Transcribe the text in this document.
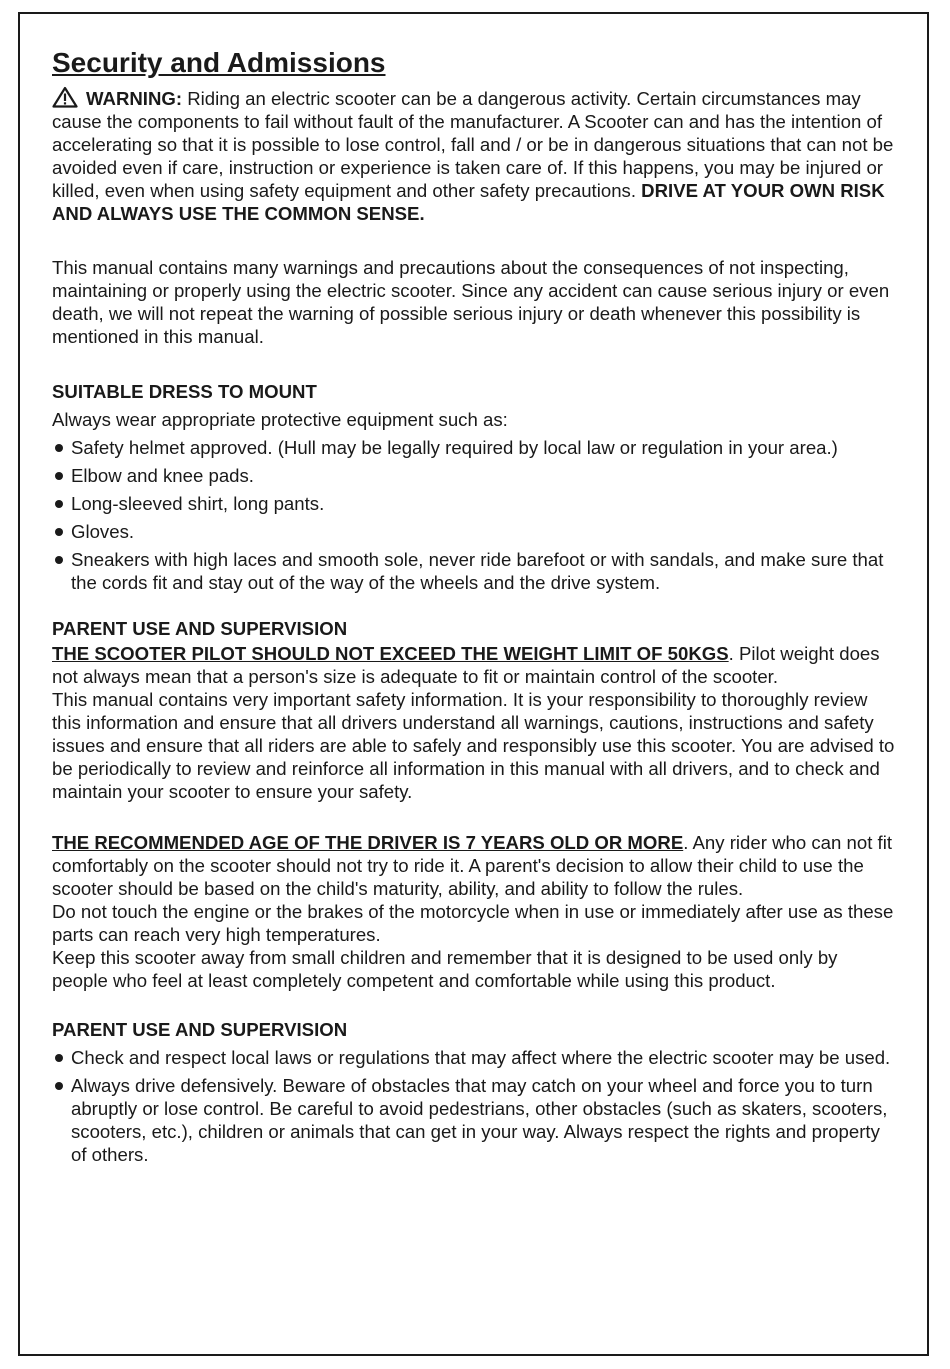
Security and Admissions

WARNING: Riding an electric scooter can be a dangerous activity. Certain circumstances may cause the components to fail without fault of the manufacturer. A Scooter can and has the intention of accelerating so that it is possible to lose control, fall and / or be in dangerous situations that can not be avoided even if care, instruction or experience is taken care of. If this happens, you may be injured or killed, even when using safety equipment and other safety precautions. DRIVE AT YOUR OWN RISK AND ALWAYS USE THE COMMON SENSE.

This manual contains many warnings and precautions about the consequences of not inspecting, maintaining or properly using the electric scooter. Since any accident can cause serious injury or even death, we will not repeat the warning of possible serious injury or death whenever this possibility is mentioned in this manual.

SUITABLE DRESS TO MOUNT

Always wear appropriate protective equipment such as:

Safety helmet approved. (Hull may be legally required by local law or regulation in your area.)
Elbow and knee pads.
Long-sleeved shirt, long pants.
Gloves.
Sneakers with high laces and smooth sole, never ride barefoot or with sandals, and make sure that the cords fit and stay out of the way of the wheels and the drive system.

PARENT USE AND SUPERVISION

THE SCOOTER PILOT SHOULD NOT EXCEED THE WEIGHT LIMIT OF 50KGS. Pilot weight does not always mean that a person's size is adequate to fit or maintain control of the scooter.

This manual contains very important safety information. It is your responsibility to thoroughly review this information and ensure that all drivers understand all warnings, cautions, instructions and safety issues and ensure that all riders are able to safely and responsibly use this scooter. You are advised to be periodically to review and reinforce all information in this manual with all drivers, and to check and maintain your scooter to ensure your safety.

THE RECOMMENDED AGE OF THE DRIVER IS 7 YEARS OLD OR MORE. Any rider who can not fit comfortably on the scooter should not try to ride it. A parent's decision to allow their child to use the scooter should be based on the child's maturity, ability, and ability to follow the rules.

Do not touch the engine or the brakes of the motorcycle when in use or immediately after use as these parts can reach very high temperatures.

Keep this scooter away from small children and remember that it is designed to be used only by people who feel at least completely competent and comfortable while using this product.

PARENT USE AND SUPERVISION

Check and respect local laws or regulations that may affect where the electric scooter may be used.
Always drive defensively. Beware of obstacles that may catch on your wheel and force you to turn abruptly or lose control. Be careful to avoid pedestrians, other obstacles (such as skaters, scooters, scooters, etc.), children or animals that can get in your way. Always respect the rights and property of others.
